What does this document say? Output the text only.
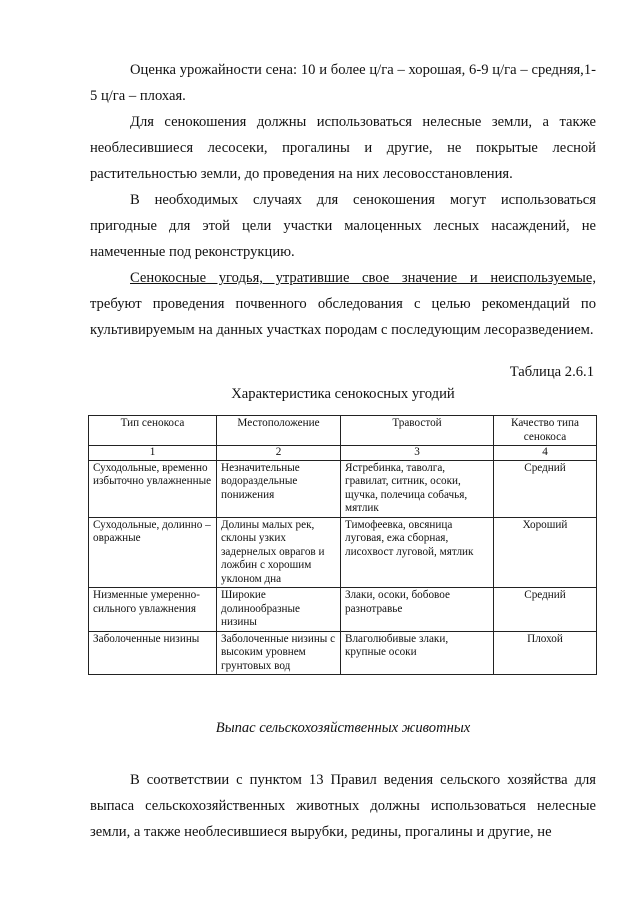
Оценка урожайности сена: 10 и более ц/га – хорошая, 6-9 ц/га – средняя,1-5 ц/га – плохая.

Для сенокошения должны использоваться нелесные земли, а также необлесившиеся лесосеки, прогалины и другие, не покрытые лесной растительностью земли, до проведения на них лесовосстановления.

В необходимых случаях для сенокошения могут использоваться пригодные для этой цели участки малоценных лесных насаждений, не намеченные под реконструкцию.

Сенокосные угодья, утратившие свое значение и неиспользуемые, требуют проведения почвенного обследования с целью рекомендаций по культивируемым на данных участках породам с последующим лесоразведением.

Таблица 2.6.1

Характеристика сенокосных угодий

Тип сенокоса	Местоположение	Травостой	Качество типа сенокоса
1	2	3	4
Суходольные, временно избыточно увлажненные	Незначительные водораздельные понижения	Ястребинка, таволга, гравилат, ситник, осоки, щучка, полечица собачья, мятлик	Средний
Суходольные, долинно – овражные	Долины малых рек, склоны узких задернелых оврагов и ложбин с хорошим уклоном дна	Тимофеевка, овсяница луговая, ежа сборная, лисохвост луговой, мятлик	Хороший
Низменные умеренно-сильного увлажнения	Широкие долинообразные низины	Злаки, осоки, бобовое разнотравье	Средний
Заболоченные низины	Заболоченные низины с высоким уровнем грунтовых вод	Влаголюбивые злаки, крупные осоки	Плохой

Выпас сельскохозяйственных животных

В соответствии с пунктом 13 Правил ведения сельского хозяйства для выпаса сельскохозяйственных животных должны использоваться нелесные земли, а также необлесившиеся вырубки, редины, прогалины и другие, не
